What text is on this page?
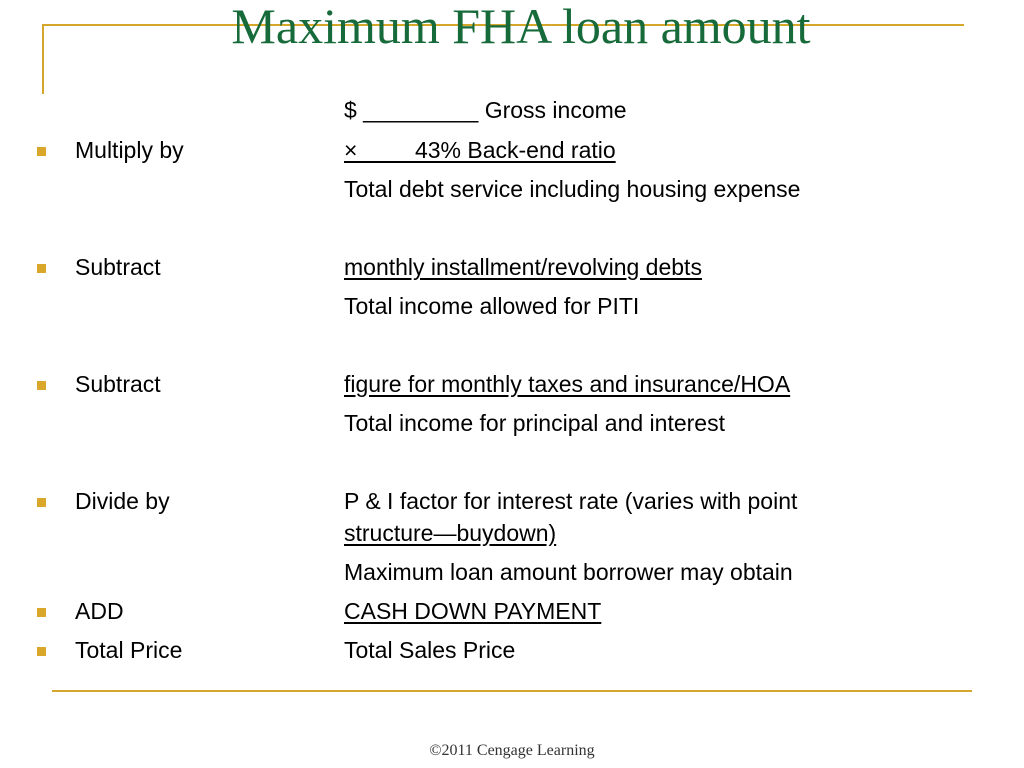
Maximum FHA loan amount
$ _________ Gross income
Multiply by	×         43% Back-end ratio
Total debt service including housing expense
Subtract	monthly installment/revolving debts
Total income allowed for PITI
Subtract	figure for monthly taxes and insurance/HOA
Total income for principal and interest
Divide by	P & I factor for interest rate (varies with point
structure—buydown)
Maximum loan amount borrower may obtain
ADD	CASH DOWN PAYMENT
Total Price	Total Sales Price
©2011 Cengage Learning
